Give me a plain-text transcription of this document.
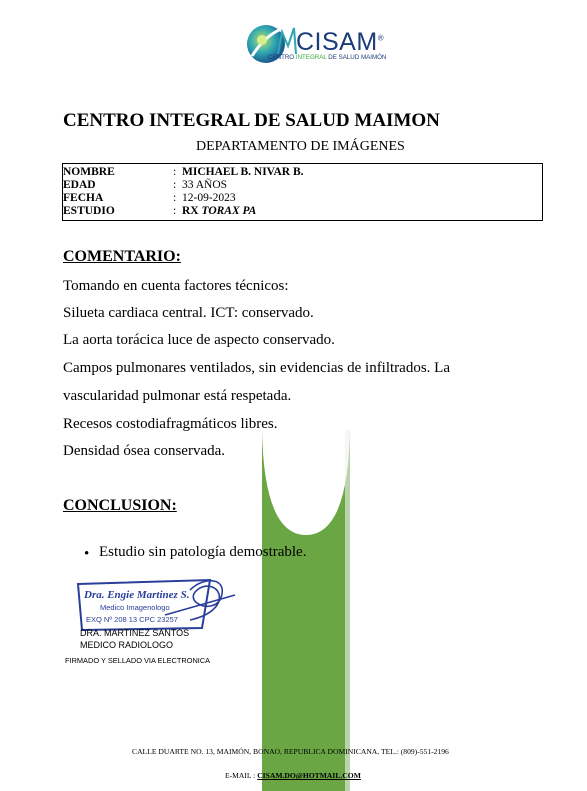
CISAM®
CENTRO INTEGRAL DE SALUD MAIMÓN
CENTRO INTEGRAL DE SALUD MAIMON
DEPARTAMENTO DE IMÁGENES
NOMBRE	: MICHAEL B. NIVAR B.
EDAD	: 33 AÑOS
FECHA	: 12-09-2023
ESTUDIO	: RX TORAX PA
COMENTARIO:
Tomando en cuenta factores técnicos:
Silueta cardiaca central. ICT: conservado.
La aorta torácica luce de aspecto conservado.
Campos pulmonares ventilados, sin evidencias de infiltrados. La
vascularidad pulmonar está respetada.
Recesos costodiafragmáticos libres.
Densidad ósea conservada.
CONCLUSION:
• Estudio sin patología demostrable.
Dra. Engie Martinez S.
Medico Imagenologo
EXQ Nº 208 13 CPC 23257
DRA. MARTINEZ SANTOS
MEDICO RADIOLOGO
FIRMADO Y SELLADO VIA ELECTRONICA
CALLE DUARTE NO. 13, MAIMÓN, BONAO, REPUBLICA DOMINICANA, TEL.: (809)-551-2196
E-MAIL : CISAM.DO@HOTMAIL.COM
